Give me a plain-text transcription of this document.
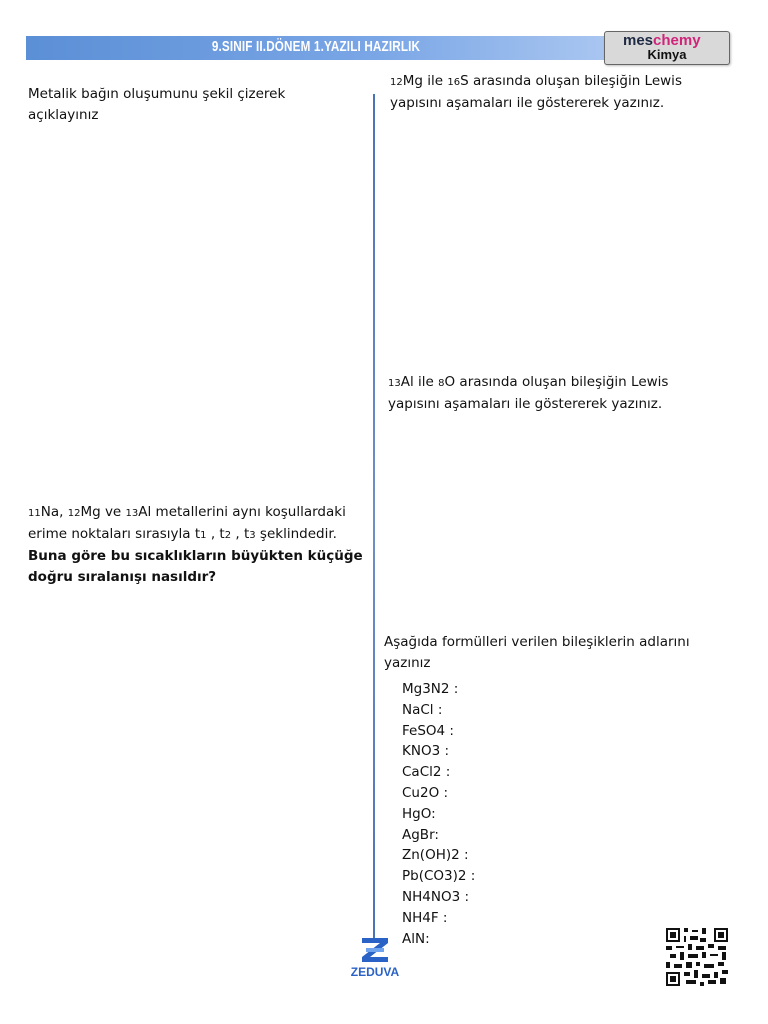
9.SINIF II.DÖNEM 1.YAZILI HAZIRLIK	meschemy
Kimya

Metalik bağın oluşumunu şekil çizerek

açıklayınız

12Mg ile 16S arasında oluşan bileşiğin Lewis

yapısını aşamaları ile göstererek yazınız.

13Al ile 8O arasında oluşan bileşiğin Lewis

yapısını aşamaları ile göstererek yazınız.

11Na, 12Mg ve 13Al metallerini aynı koşullardaki

erime noktaları sırasıyla t1 , t2 , t3 şeklindedir.

Buna göre bu sıcaklıkların büyükten küçüğe

doğru sıralanışı nasıldır?

Aşağıda formülleri verilen bileşiklerin adlarını

yazınız

Mg3N2 :
NaCl :
FeSO4 :
KNO3 :
CaCl2 :
Cu2O :
HgO:
AgBr:
Zn(OH)2 :
Pb(CO3)2 :
NH4NO3 :
NH4F :
AlN:
ZEDUVA
